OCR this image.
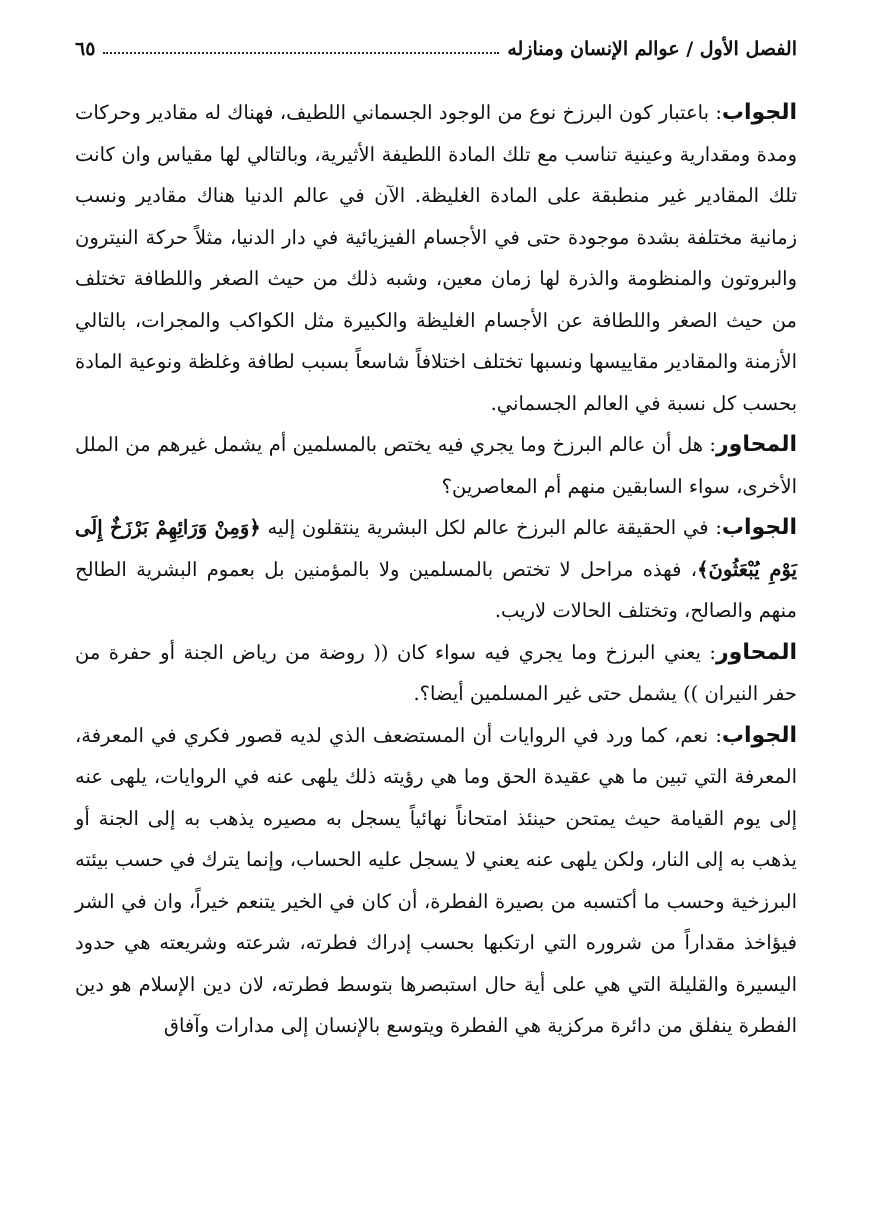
الفصل الأول / عوالم الإنسان ومنازله
٦٥

الجواب: باعتبار كون البرزخ نوع من الوجود الجسماني اللطيف، فهناك له مقادير وحركات ومدة ومقدارية وعينية تناسب مع تلك المادة اللطيفة الأثيرية، وبالتالي لها مقياس وان كانت تلك المقادير غير منطبقة على المادة الغليظة. الآن في عالم الدنيا هناك مقادير ونسب زمانية مختلفة بشدة موجودة حتى في الأجسام الفيزيائية في دار الدنيا، مثلاً حركة النيترون والبروتون والمنظومة والذرة لها زمان معين، وشبه ذلك من حيث الصغر واللطافة تختلف من حيث الصغر واللطافة عن الأجسام الغليظة والكبيرة مثل الكواكب والمجرات، بالتالي الأزمنة والمقادير مقاييسها ونسبها تختلف اختلافاً شاسعاً بسبب لطافة وغلظة ونوعية المادة بحسب كل نسبة في العالم الجسماني.

المحاور: هل أن عالم البرزخ وما يجري فيه يختص بالمسلمين أم يشمل غيرهم من الملل الأخرى، سواء السابقين منهم أم المعاصرين؟

الجواب: في الحقيقة عالم البرزخ عالم لكل البشرية ينتقلون إليه ﴿وَمِنْ وَرَائِهِمْ بَرْزَخٌ إِلَى يَوْمِ يُبْعَثُونَ﴾، فهذه مراحل لا تختص بالمسلمين ولا بالمؤمنين بل بعموم البشرية الطالح منهم والصالح، وتختلف الحالات لاريب.

المحاور: يعني البرزخ وما يجري فيه سواء كان (( روضة من رياض الجنة أو حفرة من حفر النيران )) يشمل حتى غير المسلمين أيضا؟.

الجواب: نعم، كما ورد في الروايات أن المستضعف الذي لديه قصور فكري في المعرفة، المعرفة التي تبين ما هي عقيدة الحق وما هي رؤيته ذلك يلهى عنه في الروايات، يلهى عنه إلى يوم القيامة حيث يمتحن حينئذ امتحاناً نهائياً يسجل به مصيره يذهب به إلى الجنة أو يذهب به إلى النار، ولكن يلهى عنه يعني لا يسجل عليه الحساب، وإنما يترك في حسب بيئته البرزخية وحسب ما أكتسبه من بصيرة الفطرة، أن كان في الخير يتنعم خيراً، وان في الشر فيؤاخذ مقداراً من شروره التي ارتكبها بحسب إدراك فطرته، شرعته وشريعته هي حدود اليسيرة والقليلة التي هي على أية حال استبصرها بتوسط فطرته، لان دين الإسلام هو دين الفطرة ينفلق من دائرة مركزية هي الفطرة ويتوسع بالإنسان إلى مدارات وآفاق
